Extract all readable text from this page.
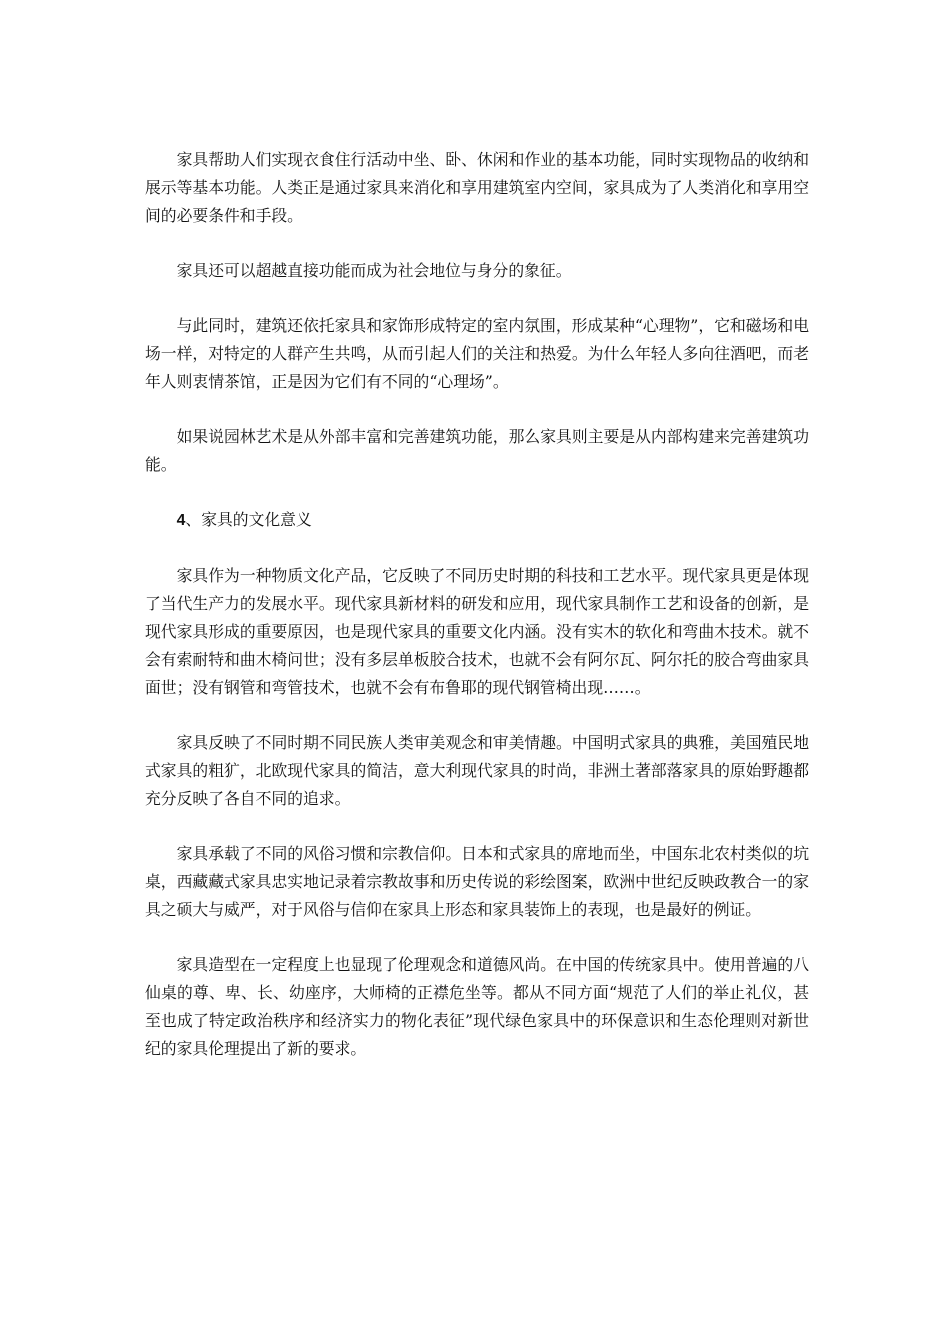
家具帮助人们实现衣食住行活动中坐、卧、休闲和作业的基本功能，同时实现物品的收纳和展示等基本功能。人类正是通过家具来消化和享用建筑室内空间，家具成为了人类消化和享用空间的必要条件和手段。

家具还可以超越直接功能而成为社会地位与身分的象征。

与此同时，建筑还依托家具和家饰形成特定的室内氛围，形成某种“心理物”，它和磁场和电场一样，对特定的人群产生共鸣，从而引起人们的关注和热爱。为什么年轻人多向往酒吧，而老年人则衷情茶馆，正是因为它们有不同的“心理场”。

如果说园林艺术是从外部丰富和完善建筑功能，那么家具则主要是从内部构建来完善建筑功能。

4、家具的文化意义

家具作为一种物质文化产品，它反映了不同历史时期的科技和工艺水平。现代家具更是体现了当代生产力的发展水平。现代家具新材料的研发和应用，现代家具制作工艺和设备的创新，是现代家具形成的重要原因，也是现代家具的重要文化内涵。没有实木的软化和弯曲木技术。就不会有索耐特和曲木椅问世；没有多层单板胶合技术，也就不会有阿尔瓦、阿尔托的胶合弯曲家具面世；没有钢管和弯管技术，也就不会有布鲁耶的现代钢管椅出现……。

家具反映了不同时期不同民族人类审美观念和审美情趣。中国明式家具的典雅，美国殖民地式家具的粗犷，北欧现代家具的简洁，意大利现代家具的时尚，非洲土著部落家具的原始野趣都充分反映了各自不同的追求。

家具承载了不同的风俗习惯和宗教信仰。日本和式家具的席地而坐，中国东北农村类似的坑桌，西藏藏式家具忠实地记录着宗教故事和历史传说的彩绘图案，欧洲中世纪反映政教合一的家具之硕大与威严，对于风俗与信仰在家具上形态和家具装饰上的表现，也是最好的例证。

家具造型在一定程度上也显现了伦理观念和道德风尚。在中国的传统家具中。使用普遍的八仙桌的尊、卑、长、幼座序，大师椅的正襟危坐等。都从不同方面“规范了人们的举止礼仪，甚至也成了特定政治秩序和经济实力的物化表征”现代绿色家具中的环保意识和生态伦理则对新世纪的家具伦理提出了新的要求。
